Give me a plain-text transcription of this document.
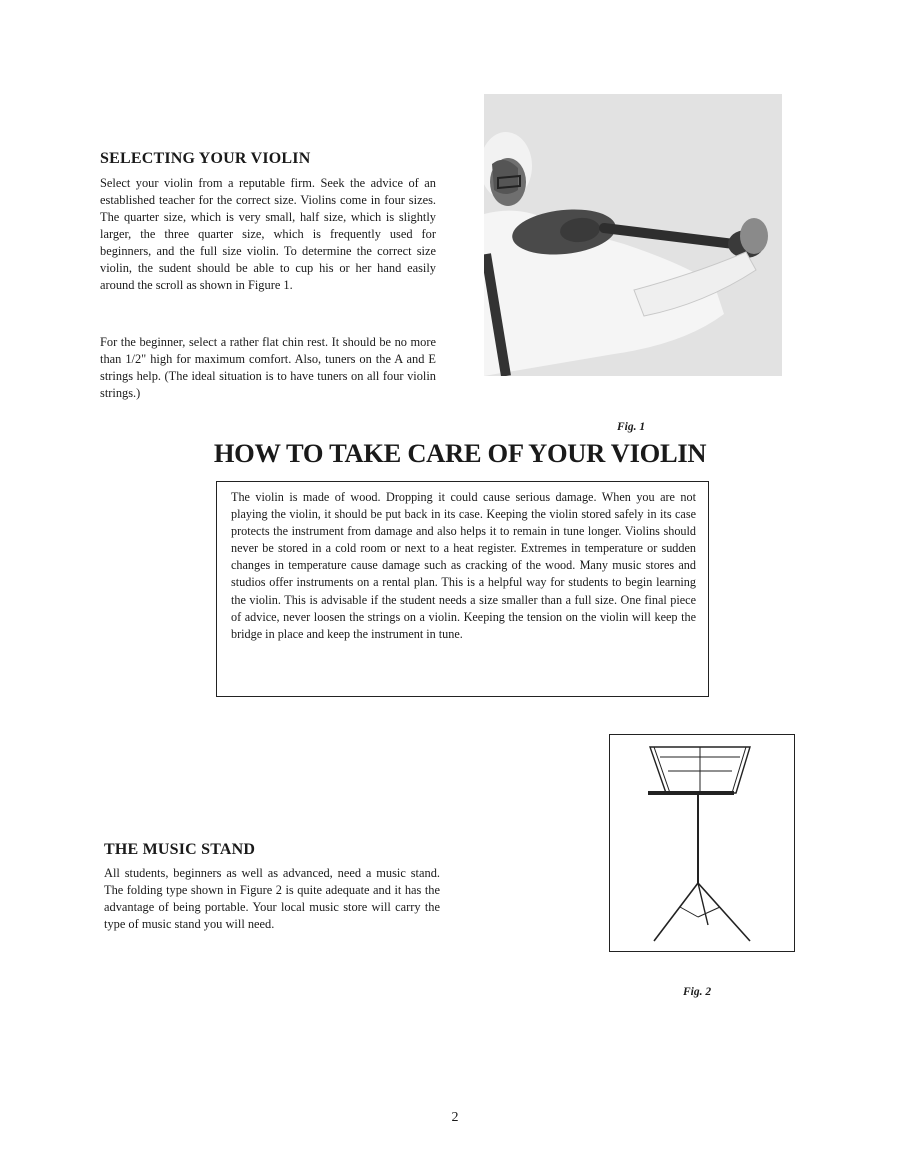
SELECTING YOUR VIOLIN

Select your violin from a reputable firm. Seek the advice of an established teacher for the correct size. Violins come in four sizes. The quarter size, which is very small, half size, which is slightly larger, the three quarter size, which is frequently used for beginners, and the full size violin. To determine the correct size violin, the sudent should be able to cup his or her hand easily around the scroll as shown in Figure 1.

For the beginner, select a rather flat chin rest. It should be no more than 1/2" high for maximum comfort. Also, tuners on the A and E strings help. (The ideal situation is to have tuners on all four violin strings.)

Fig. 1
HOW TO TAKE CARE OF YOUR VIOLIN

The violin is made of wood. Dropping it could cause serious damage. When you are not playing the violin, it should be put back in its case. Keeping the violin stored safely in its case protects the instrument from damage and also helps it to remain in tune longer. Violins should never be stored in a cold room or next to a heat register. Extremes in temperature or sudden changes in temperature cause damage such as cracking of the wood. Many music stores and studios offer instruments on a rental plan. This is a helpful way for students to begin learning the violin. This is advisable if the student needs a size smaller than a full size. One final piece of advice, never loosen the strings on a violin. Keeping the tension on the violin will keep the bridge in place and keep the instrument in tune.

Fig. 2
THE MUSIC STAND

All students, beginners as well as advanced, need a music stand. The folding type shown in Figure 2 is quite adequate and it has the advantage of being portable. Your local music store will carry the type of music stand you will need.

2
